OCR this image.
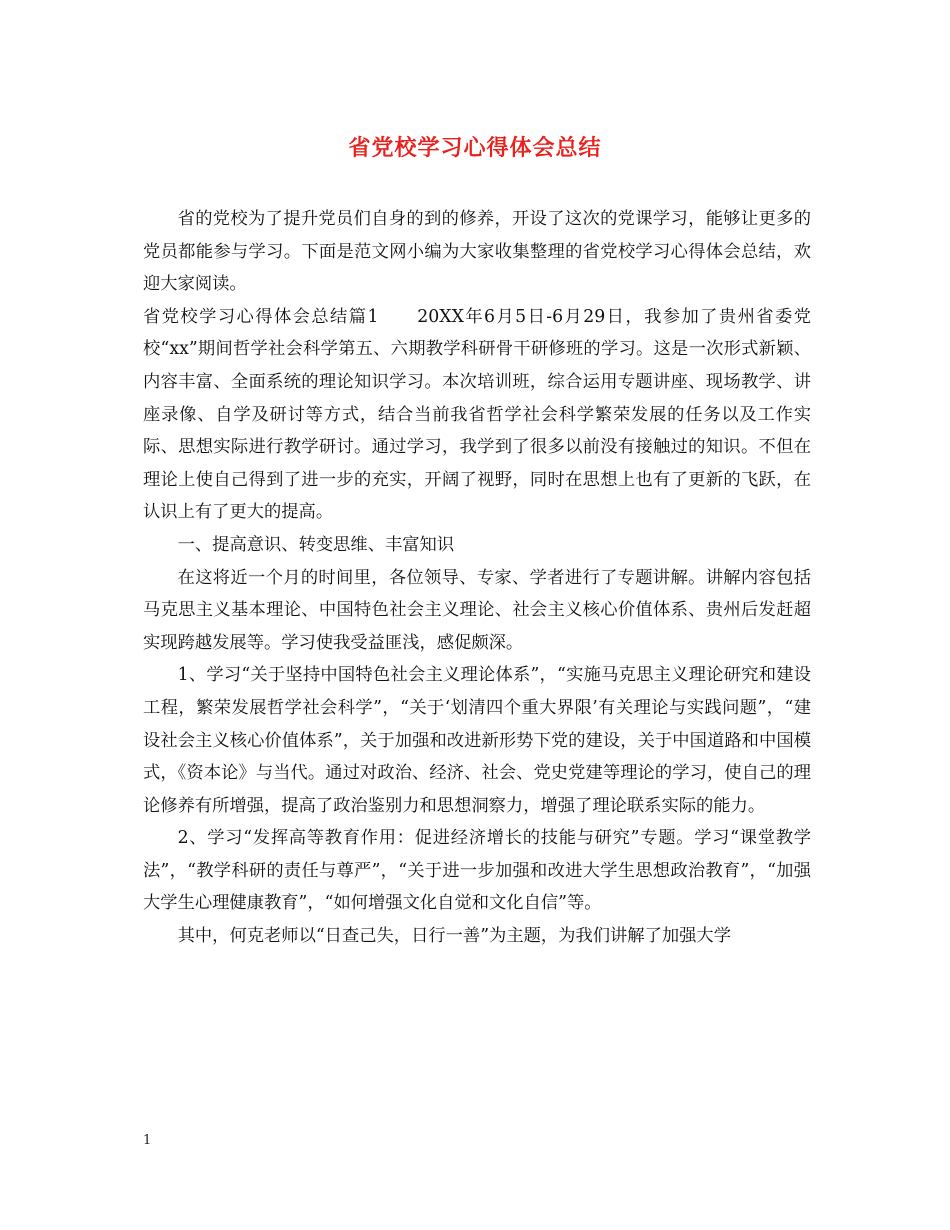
省党校学习心得体会总结

省的党校为了提升党员们自身的到的修养，开设了这次的党课学习，能够让更多的党员都能参与学习。下面是范文网小编为大家收集整理的省党校学习心得体会总结，欢迎大家阅读。

省党校学习心得体会总结篇1　　20XX年6月5日-6月29日，我参加了贵州省委党校“xx”期间哲学社会科学第五、六期教学科研骨干研修班的学习。这是一次形式新颖、内容丰富、全面系统的理论知识学习。本次培训班，综合运用专题讲座、现场教学、讲座录像、自学及研讨等方式，结合当前我省哲学社会科学繁荣发展的任务以及工作实际、思想实际进行教学研讨。通过学习，我学到了很多以前没有接触过的知识。不但在理论上使自己得到了进一步的充实，开阔了视野，同时在思想上也有了更新的飞跃，在认识上有了更大的提高。

一、提高意识、转变思维、丰富知识

在这将近一个月的时间里，各位领导、专家、学者进行了专题讲解。讲解内容包括马克思主义基本理论、中国特色社会主义理论、社会主义核心价值体系、贵州后发赶超实现跨越发展等。学习使我受益匪浅，感促颇深。

1、学习“关于坚持中国特色社会主义理论体系”，“实施马克思主义理论研究和建设工程，繁荣发展哲学社会科学”，“关于‘划清四个重大界限’有关理论与实践问题”，“建设社会主义核心价值体系”，关于加强和改进新形势下党的建设，关于中国道路和中国模式，《资本论》与当代。通过对政治、经济、社会、党史党建等理论的学习，使自己的理论修养有所增强，提高了政治鉴别力和思想洞察力，增强了理论联系实际的能力。

2、学习“发挥高等教育作用：促进经济增长的技能与研究”专题。学习“课堂教学法”，“教学科研的责任与尊严”，“关于进一步加强和改进大学生思想政治教育”，“加强大学生心理健康教育”，“如何增强文化自觉和文化自信”等。

其中，何克老师以“日查己失，日行一善”为主题，为我们讲解了加强大学

1
